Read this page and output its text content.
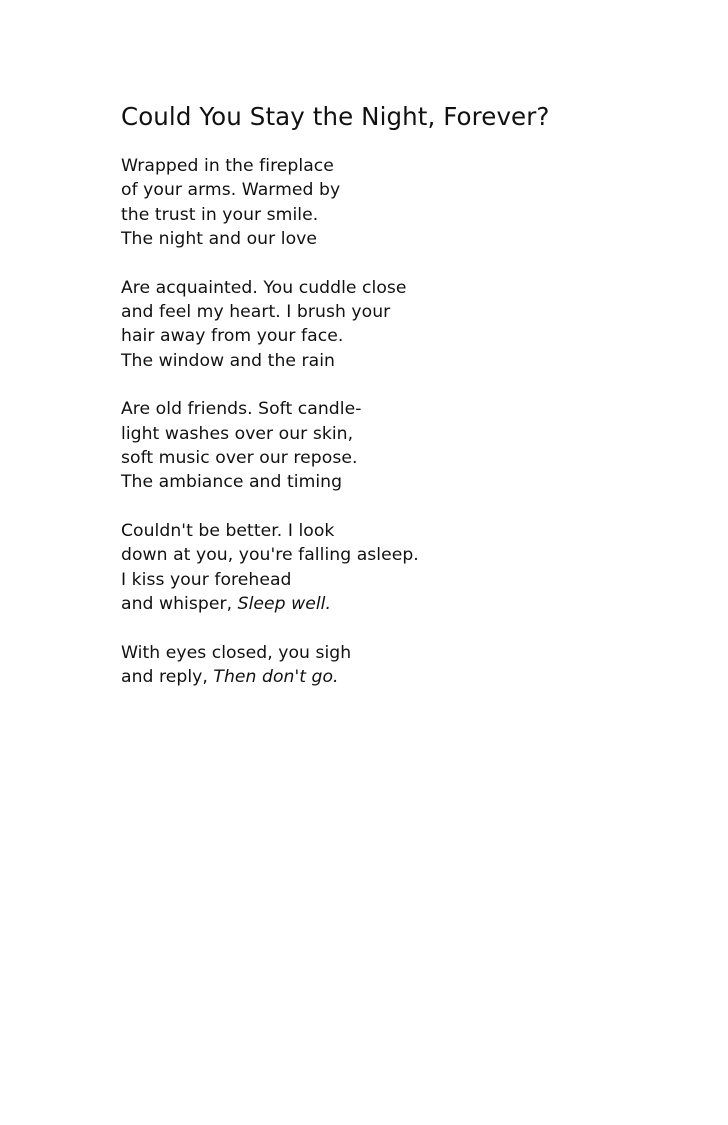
Could You Stay the Night, Forever?
Wrapped in the fireplace
of your arms. Warmed by
the trust in your smile.
The night and our love
Are acquainted. You cuddle close
and feel my heart. I brush your
hair away from your face.
The window and the rain
Are old friends. Soft candle-
light washes over our skin,
soft music over our repose.
The ambiance and timing
Couldn't be better. I look
down at you, you're falling asleep.
I kiss your forehead
and whisper, Sleep well.
With eyes closed, you sigh
and reply, Then don't go.
